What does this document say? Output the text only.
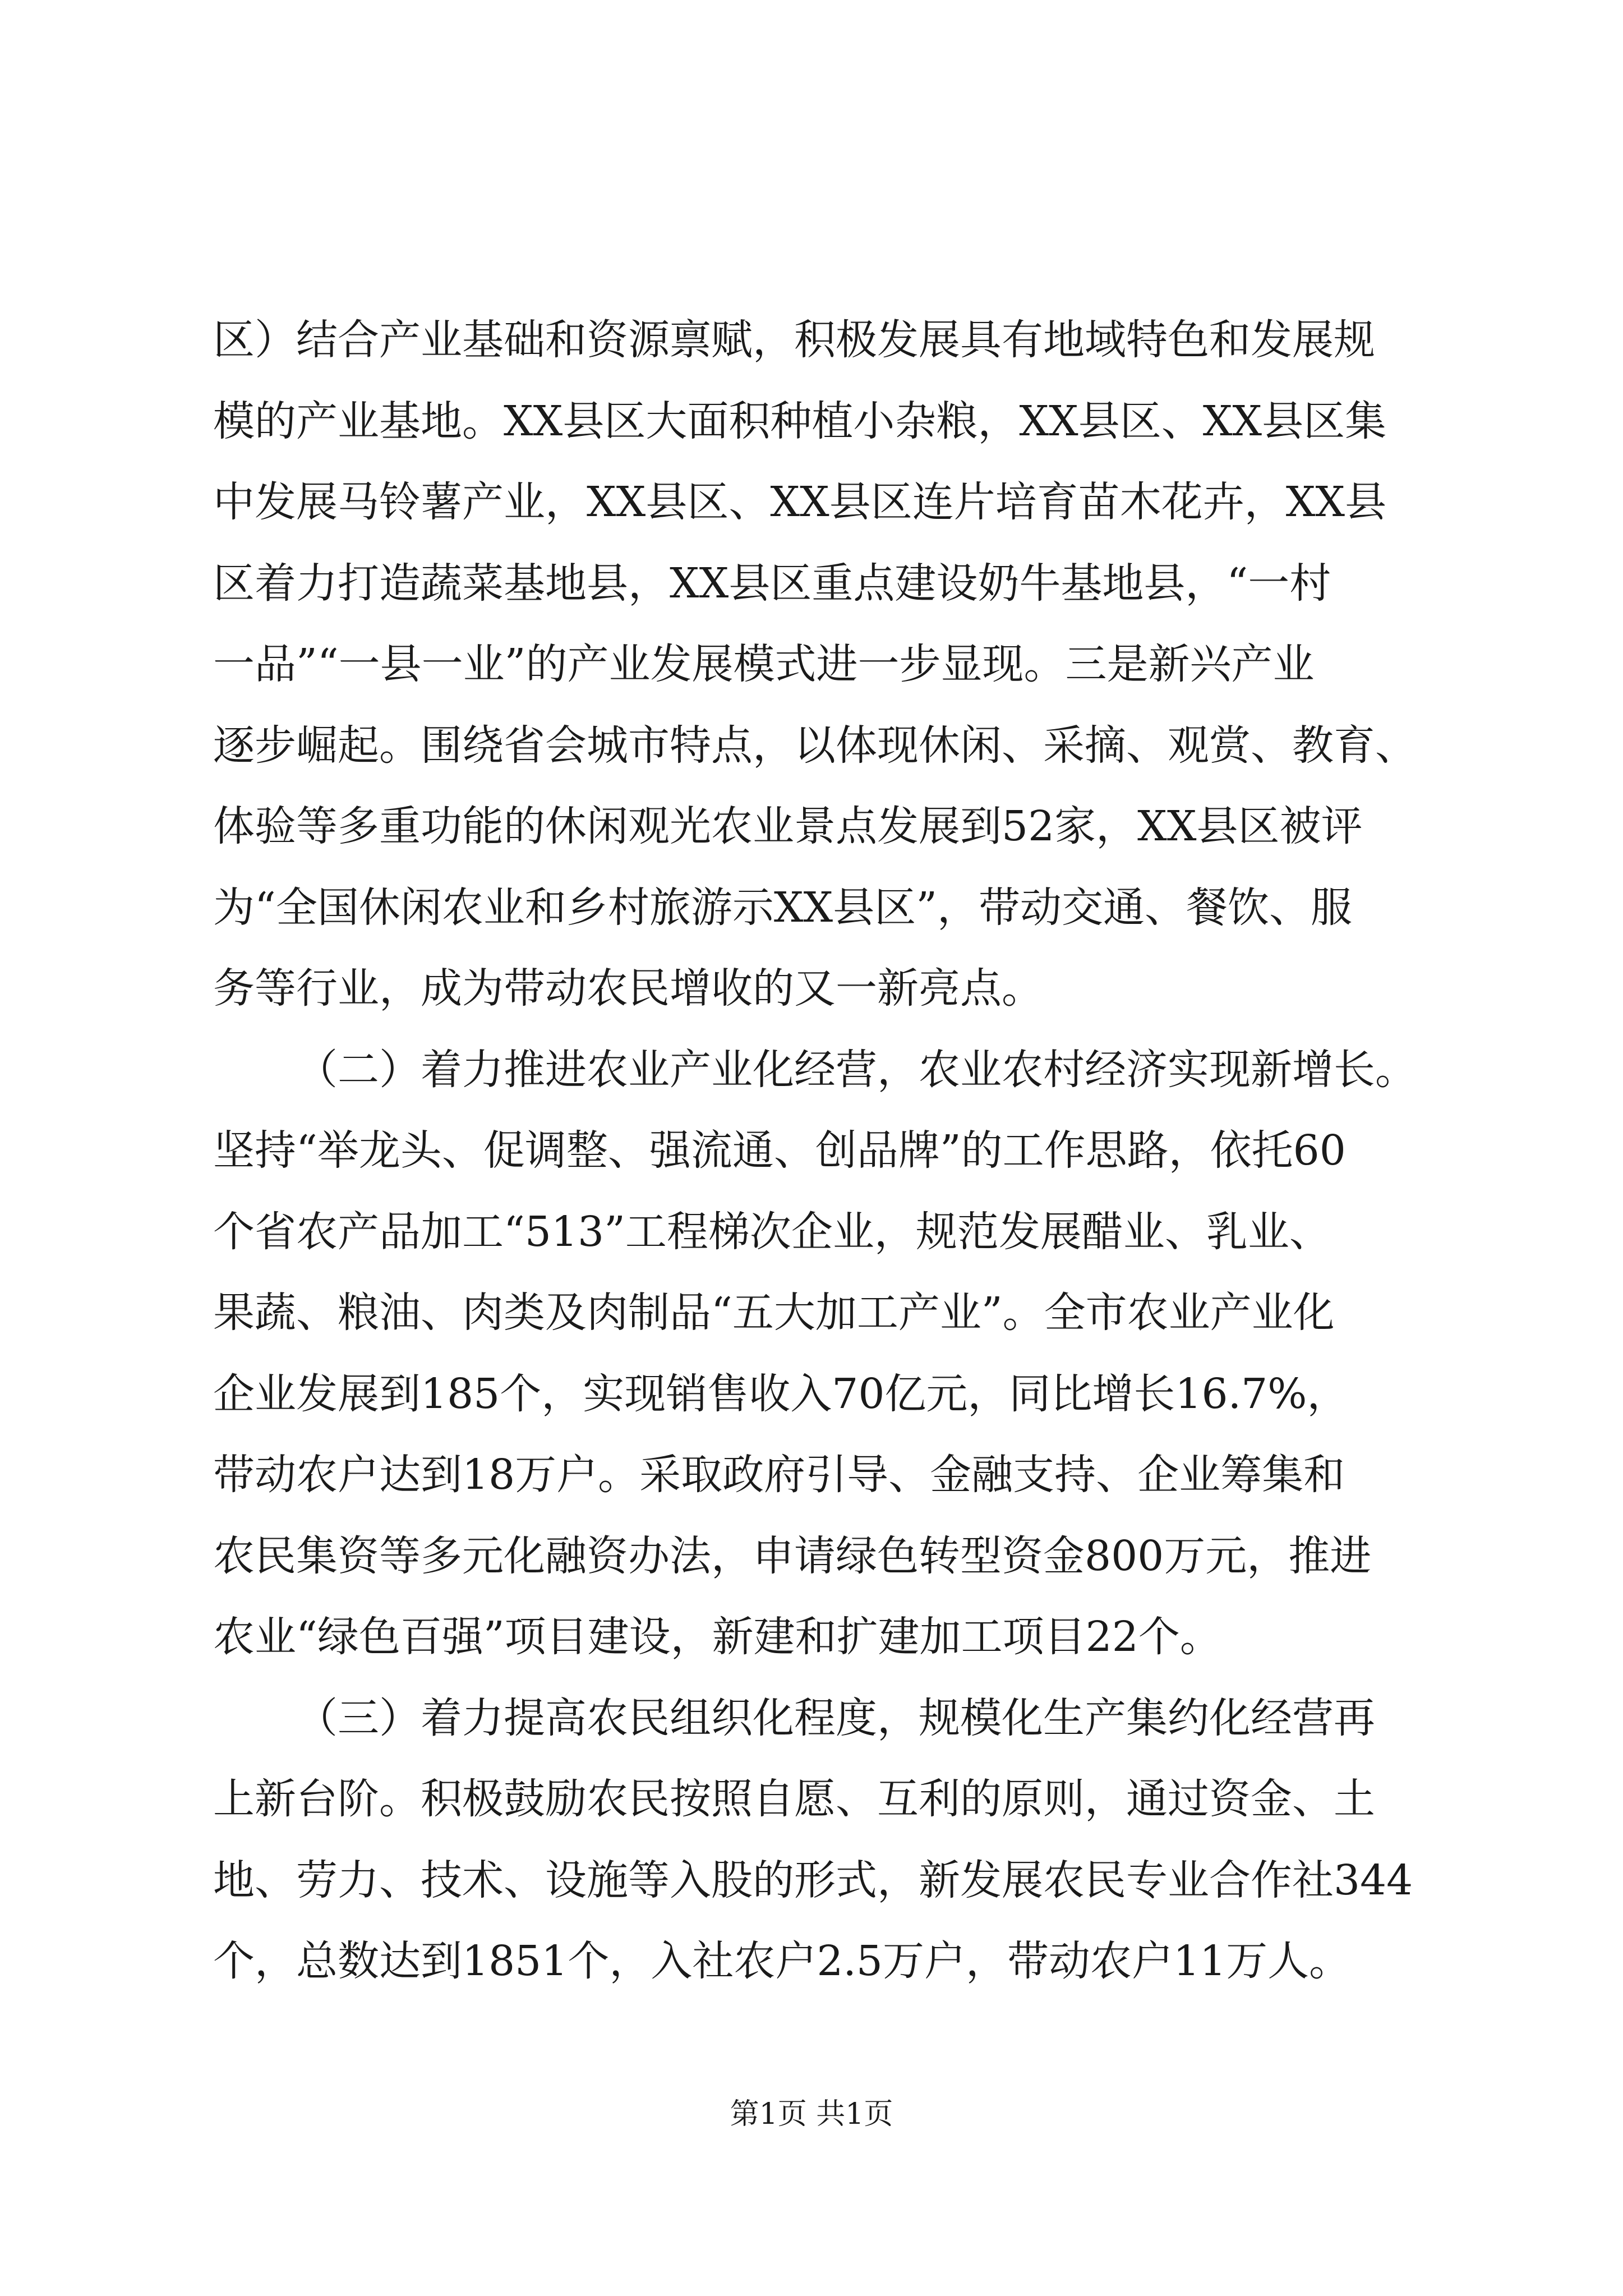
区）结合产业基础和资源禀赋，积极发展具有地域特色和发展规
模的产业基地。XX县区大面积种植小杂粮，XX县区、XX县区集
中发展马铃薯产业，XX县区、XX县区连片培育苗木花卉，XX县
区着力打造蔬菜基地县，XX县区重点建设奶牛基地县，“一村
一品”“一县一业”的产业发展模式进一步显现。三是新兴产业
逐步崛起。围绕省会城市特点，以体现休闲、采摘、观赏、教育、
体验等多重功能的休闲观光农业景点发展到52家，XX县区被评
为“全国休闲农业和乡村旅游示XX县区”，带动交通、餐饮、服
务等行业，成为带动农民增收的又一新亮点。
（二）着力推进农业产业化经营，农业农村经济实现新增长。
坚持“举龙头、促调整、强流通、创品牌”的工作思路，依托60
个省农产品加工“513”工程梯次企业，规范发展醋业、乳业、
果蔬、粮油、肉类及肉制品“五大加工产业”。全市农业产业化
企业发展到185个，实现销售收入70亿元，同比增长16.7%，
带动农户达到18万户。采取政府引导、金融支持、企业筹集和
农民集资等多元化融资办法，申请绿色转型资金800万元，推进
农业“绿色百强”项目建设，新建和扩建加工项目22个。
（三）着力提高农民组织化程度，规模化生产集约化经营再
上新台阶。积极鼓励农民按照自愿、互利的原则，通过资金、土
地、劳力、技术、设施等入股的形式，新发展农民专业合作社344
个，总数达到1851个，入社农户2.5万户，带动农户11万人。
第1页 共1页
